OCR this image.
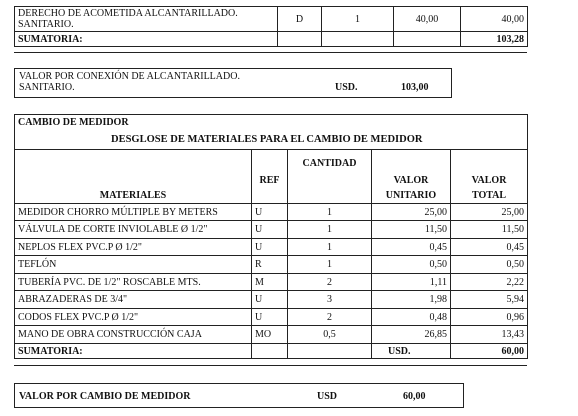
DERECHO DE ACOMETIDA ALCANTARILLADO.
SANITARIO.	D	1	40,00	40,00
SUMATORIA:				103,28
VALOR POR CONEXIÓN DE ALCANTARILLADO.
SANITARIO.	USD.	103,00
CAMBIO DE MEDIDOR
DESGLOSE DE MATERIALES PARA EL CAMBIO DE MEDIDOR				

	REF	CANTIDAD	VALOR	VALOR
MATERIALES			UNITARIO	TOTAL
MEDIDOR CHORRO MÚLTIPLE BY METERS	U	1	25,00	25,00
VÁLVULA DE CORTE INVIOLABLE Ø 1/2"	U	1	11,50	11,50
NEPLOS FLEX PVC.P Ø 1/2"	U	1	0,45	0,45
TEFLÓN	R	1	0,50	0,50
TUBERÍA PVC. DE 1/2" ROSCABLE MTS.	M	2	1,11	2,22
ABRAZADERAS DE 3/4"	U	3	1,98	5,94
CODOS FLEX PVC.P Ø 1/2"	U	2	0,48	0,96
MANO DE OBRA CONSTRUCCIÓN CAJA	MO	0,5	26,85	13,43
SUMATORIA:			USD.	60,00
VALOR POR CAMBIO DE MEDIDOR	USD	60,00
